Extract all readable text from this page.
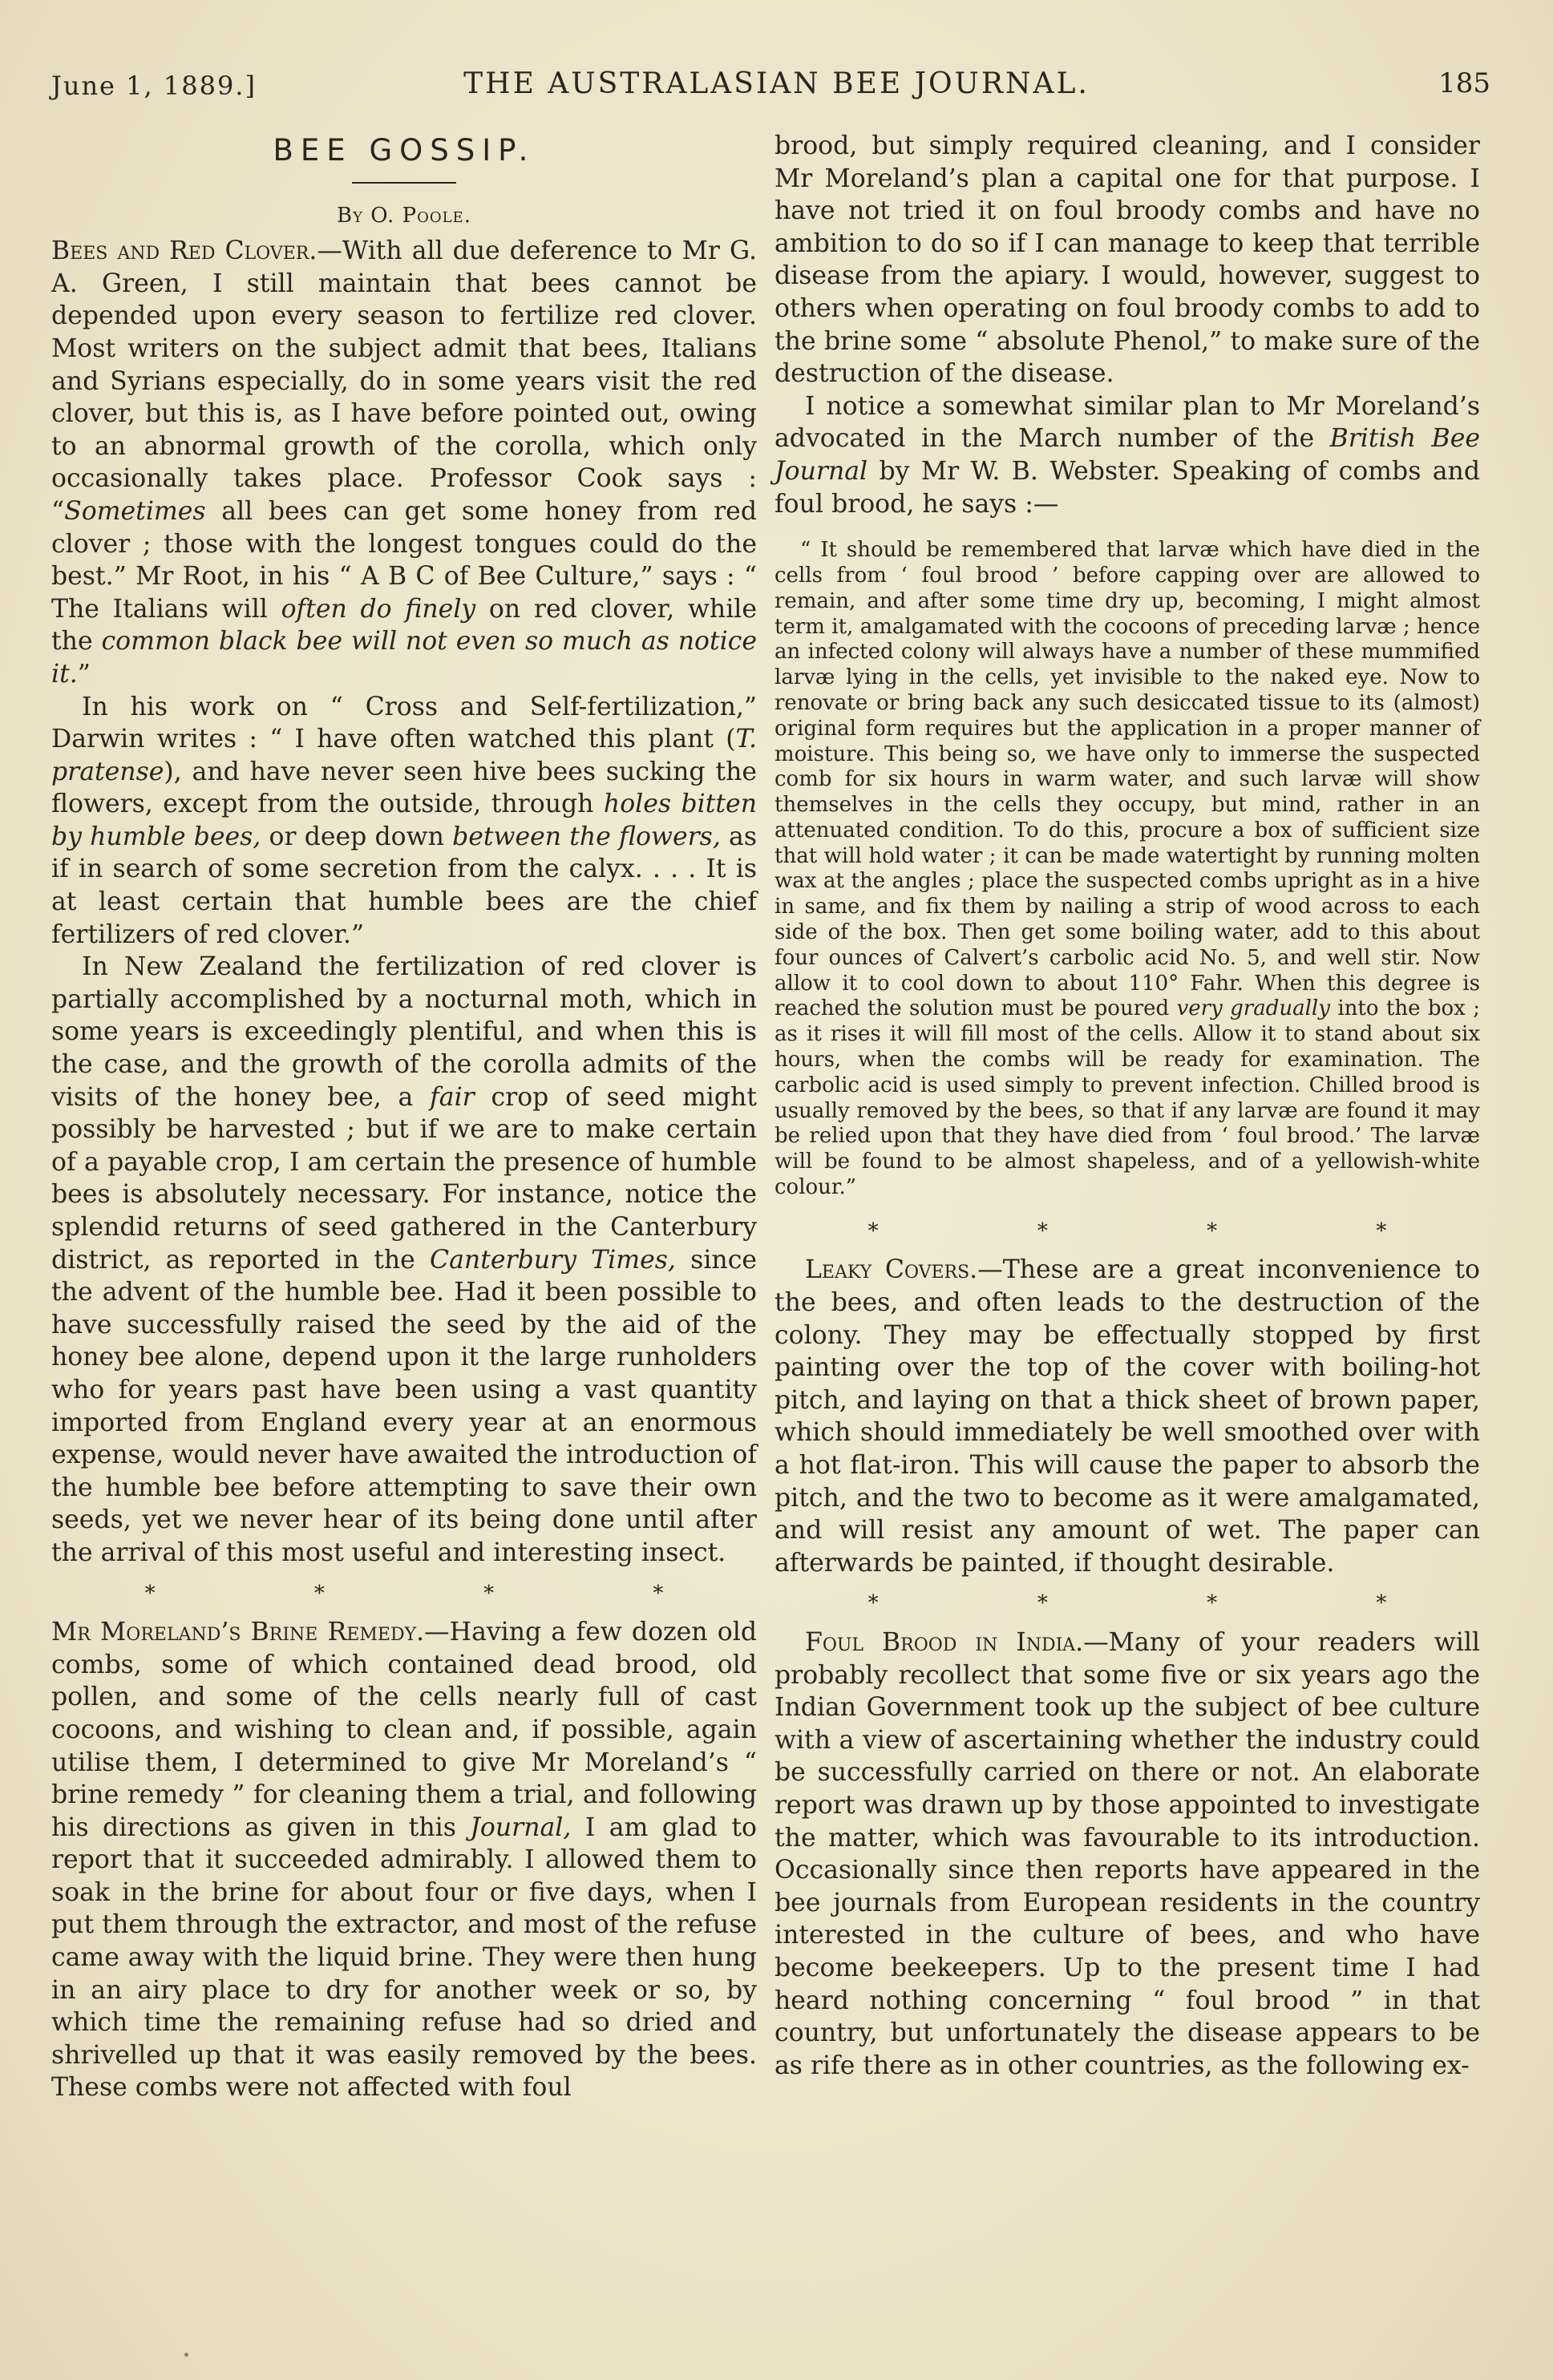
June 1, 1889.]	THE AUSTRALASIAN BEE JOURNAL.	185
BEE GOSSIP.
By O. Poole.

Bees and Red Clover.—With all due deference to Mr G. A. Green, I still maintain that bees cannot be depended upon every season to fertilize red clover. Most writers on the subject admit that bees, Italians and Syrians especially, do in some years visit the red clover, but this is, as I have before pointed out, owing to an abnormal growth of the corolla, which only occasionally takes place. Professor Cook says : “Sometimes all bees can get some honey from red clover ; those with the longest tongues could do the best.” Mr Root, in his “ A B C of Bee Culture,” says : “ The Italians will often do finely on red clover, while the common black bee will not even so much as notice it.”

In his work on “ Cross and Self-fertilization,” Darwin writes : “ I have often watched this plant (T. pratense), and have never seen hive bees sucking the flowers, except from the outside, through holes bitten by humble bees, or deep down between the flowers, as if in search of some secretion from the calyx. . . . It is at least certain that humble bees are the chief fertilizers of red clover.”

In New Zealand the fertilization of red clover is partially accomplished by a nocturnal moth, which in some years is exceedingly plentiful, and when this is the case, and the growth of the corolla admits of the visits of the honey bee, a fair crop of seed might possibly be harvested ; but if we are to make certain of a payable crop, I am certain the presence of humble bees is absolutely necessary. For instance, notice the splendid returns of seed gathered in the Canterbury district, as reported in the Canterbury Times, since the advent of the humble bee. Had it been possible to have successfully raised the seed by the aid of the honey bee alone, depend upon it the large runholders who for years past have been using a vast quantity imported from England every year at an enormous expense, would never have awaited the introduction of the humble bee before attempting to save their own seeds, yet we never hear of its being done until after the arrival of this most useful and interesting insect.

* * * *

Mr Moreland’s Brine Remedy.—Having a few dozen old combs, some of which contained dead brood, old pollen, and some of the cells nearly full of cast cocoons, and wishing to clean and, if possible, again utilise them, I determined to give Mr Moreland’s “ brine remedy ” for cleaning them a trial, and following his directions as given in this Journal, I am glad to report that it succeeded admirably. I allowed them to soak in the brine for about four or five days, when I put them through the extractor, and most of the refuse came away with the liquid brine. They were then hung in an airy place to dry for another week or so, by which time the remaining refuse had so dried and shrivelled up that it was easily removed by the bees. These combs were not affected with foul

brood, but simply required cleaning, and I consider Mr Moreland’s plan a capital one for that purpose. I have not tried it on foul broody combs and have no ambition to do so if I can manage to keep that terrible disease from the apiary. I would, however, suggest to others when operating on foul broody combs to add to the brine some “ absolute Phenol,” to make sure of the destruction of the disease.

I notice a somewhat similar plan to Mr Moreland’s advocated in the March number of the British Bee Journal by Mr W. B. Webster. Speaking of combs and foul brood, he says :—

“ It should be remembered that larvæ which have died in the cells from ‘ foul brood ’ before capping over are allowed to remain, and after some time dry up, becoming, I might almost term it, amalgamated with the cocoons of preceding larvæ ; hence an infected colony will always have a number of these mummified larvæ lying in the cells, yet invisible to the naked eye. Now to renovate or bring back any such desiccated tissue to its (almost) original form requires but the application in a proper manner of moisture. This being so, we have only to immerse the suspected comb for six hours in warm water, and such larvæ will show themselves in the cells they occupy, but mind, rather in an attenuated condition. To do this, procure a box of sufficient size that will hold water ; it can be made watertight by running molten wax at the angles ; place the suspected combs upright as in a hive in same, and fix them by nailing a strip of wood across to each side of the box. Then get some boiling water, add to this about four ounces of Calvert’s carbolic acid No. 5, and well stir. Now allow it to cool down to about 110° Fahr. When this degree is reached the solution must be poured very gradually into the box ; as it rises it will fill most of the cells. Allow it to stand about six hours, when the combs will be ready for examination. The carbolic acid is used simply to prevent infection. Chilled brood is usually removed by the bees, so that if any larvæ are found it may be relied upon that they have died from ‘ foul brood.’ The larvæ will be found to be almost shapeless, and of a yellowish-white colour.”

* * * *

Leaky Covers.—These are a great inconvenience to the bees, and often leads to the destruction of the colony. They may be effectually stopped by first painting over the top of the cover with boiling-hot pitch, and laying on that a thick sheet of brown paper, which should immediately be well smoothed over with a hot flat-iron. This will cause the paper to absorb the pitch, and the two to become as it were amalgamated, and will resist any amount of wet. The paper can afterwards be painted, if thought desirable.

* * * *

Foul Brood in India.—Many of your readers will probably recollect that some five or six years ago the Indian Government took up the subject of bee culture with a view of ascertaining whether the industry could be successfully carried on there or not. An elaborate report was drawn up by those appointed to investigate the matter, which was favourable to its introduction. Occasionally since then reports have appeared in the bee journals from European residents in the country interested in the culture of bees, and who have become beekeepers. Up to the present time I had heard nothing concerning “ foul brood ” in that country, but unfortunately the disease appears to be as rife there as in other countries, as the following ex-
